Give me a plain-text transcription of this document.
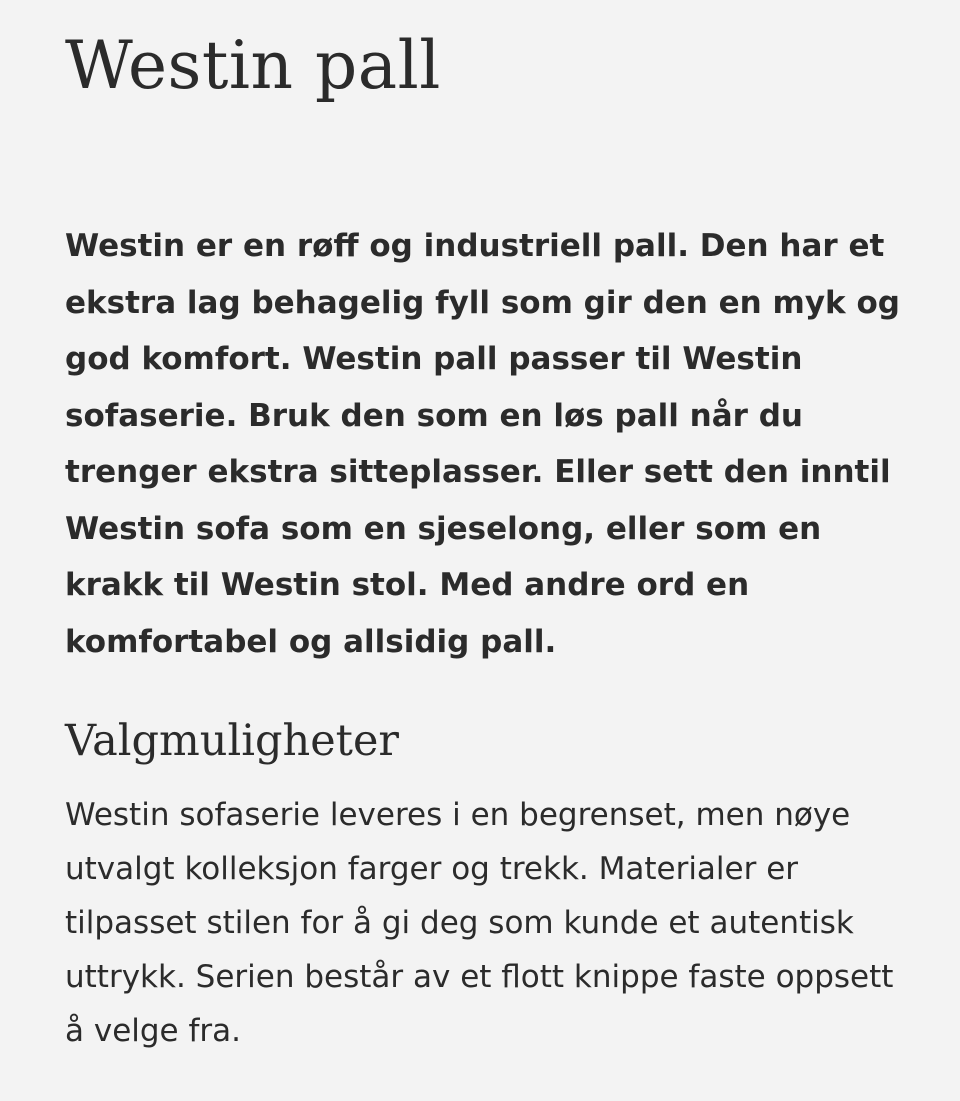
Westin pall

Westin er en røff og industriell pall. Den har et ekstra lag behagelig fyll som gir den en myk og god komfort. Westin pall passer til Westin sofaserie. Bruk den som en løs pall når du trenger ekstra sitteplasser. Eller sett den inntil Westin sofa som en sjeselong, eller som en krakk til Westin stol. Med andre ord en komfortabel og allsidig pall.

Valgmuligheter

Westin sofaserie leveres i en begrenset, men nøye utvalgt kolleksjon farger og trekk. Materialer er tilpasset stilen for å gi deg som kunde et autentisk uttrykk. Serien består av et flott knippe faste oppsett å velge fra.
